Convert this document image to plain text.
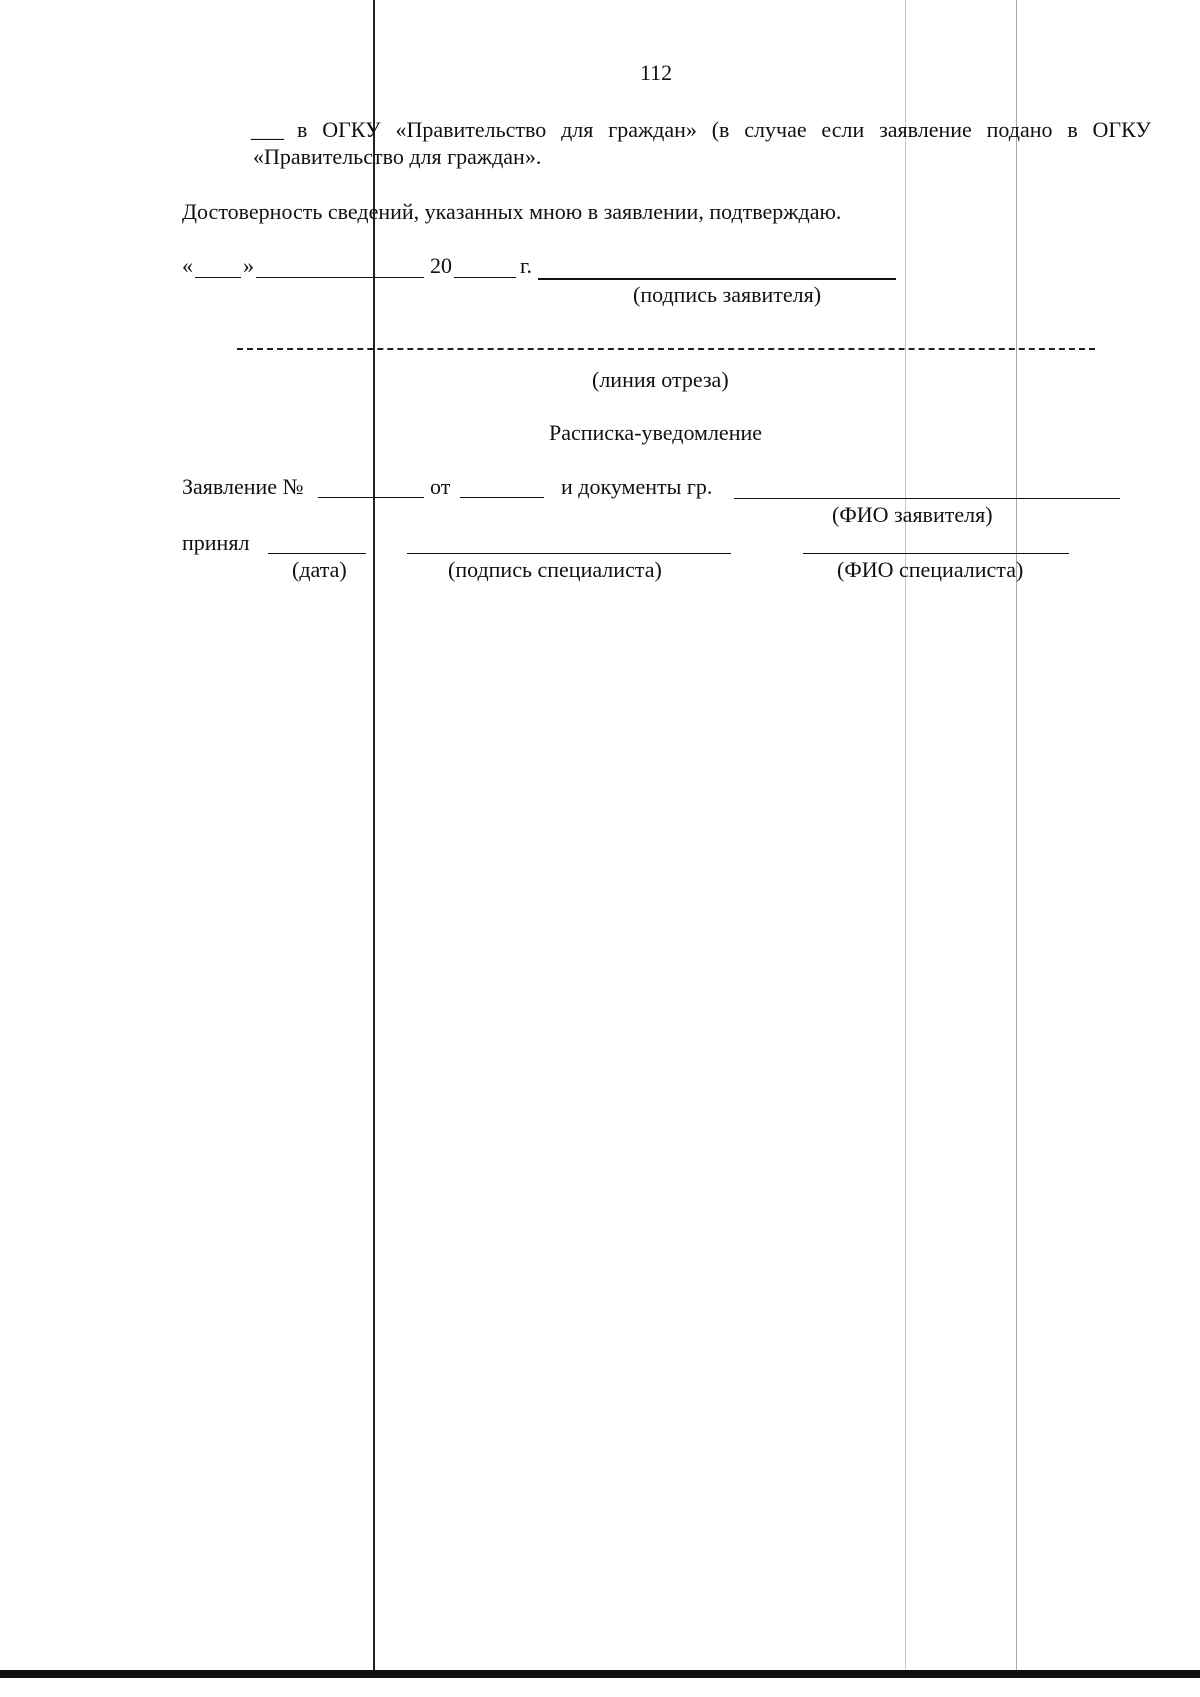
112
___ в ОГКУ «Правительство для граждан» (в случае если заявление подано в ОГКУ
«Правительство для граждан».
Достоверность сведений, указанных мною в заявлении, подтверждаю.
« »	20	г.
(подпись заявителя)
(линия отреза)
Расписка-уведомление
Заявление №	от	и документы гр.
(ФИО заявителя)
принял
(дата)	(подпись специалиста)	(ФИО специалиста)
